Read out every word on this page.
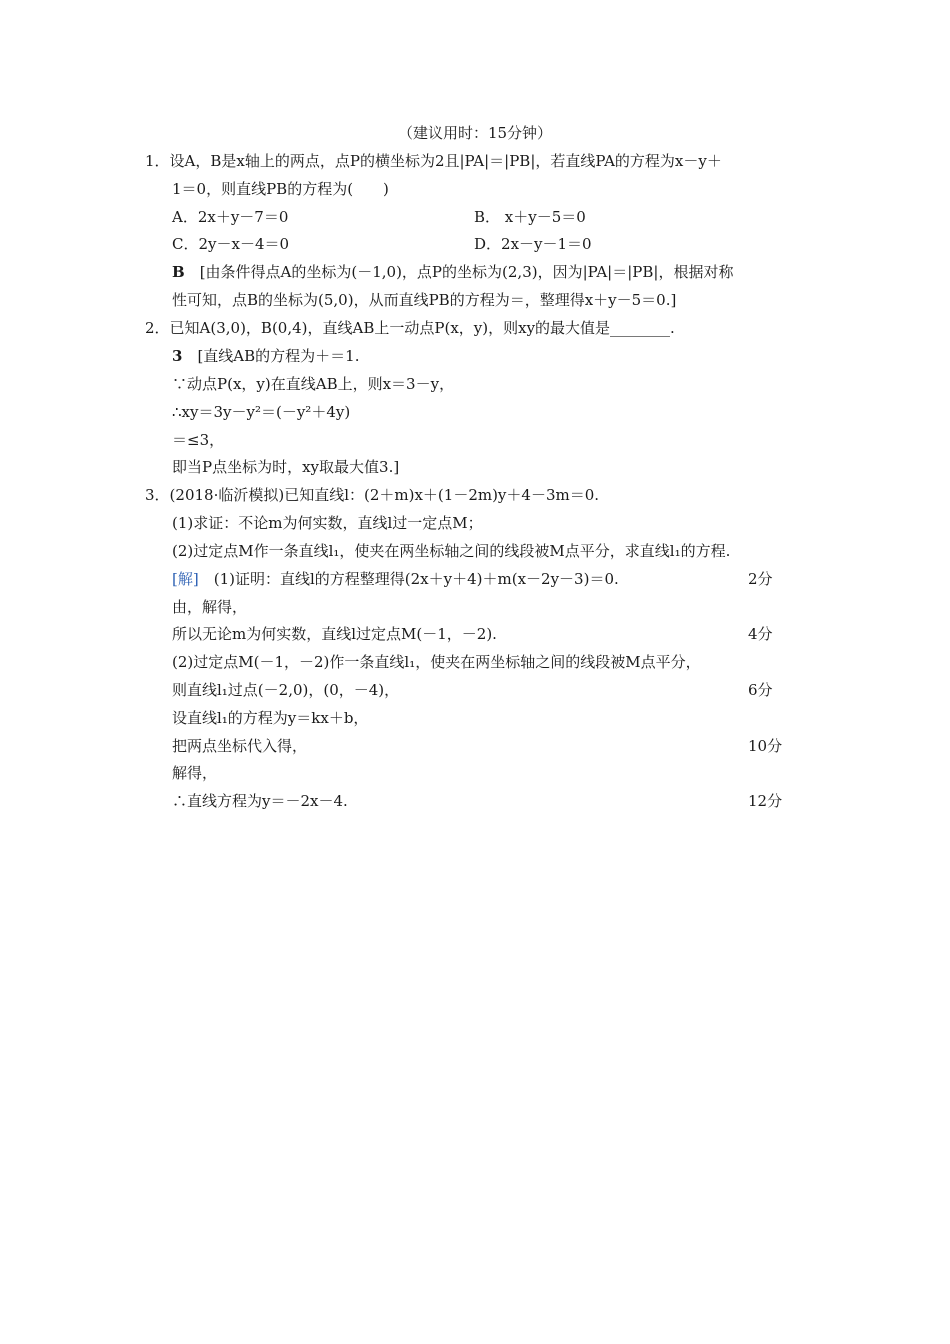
（建议用时：15分钟）
1．设A，B是x轴上的两点，点P的横坐标为2且|PA|＝|PB|，若直线PA的方程为x－y＋
1＝0，则直线PB的方程为(　　)
A．2x＋y－7＝0	B． x＋y－5＝0
C．2y－x－4＝0	D．2x－y－1＝0
B　[由条件得点A的坐标为(－1,0)，点P的坐标为(2,3)，因为|PA|＝|PB|，根据对称
性可知，点B的坐标为(5,0)，从而直线PB的方程为＝，整理得x＋y－5＝0.]
2．已知A(3,0)，B(0,4)，直线AB上一动点P(x，y)，则xy的最大值是________.
3　[直线AB的方程为＋＝1.
∵动点P(x，y)在直线AB上，则x＝3－y，
∴xy＝3y－y²＝(－y²＋4y)
＝≤3，
即当P点坐标为时，xy取最大值3.]
3．(2018·临沂模拟)已知直线l：(2＋m)x＋(1－2m)y＋4－3m＝0.
(1)求证：不论m为何实数，直线l过一定点M；
(2)过定点M作一条直线l₁，使夹在两坐标轴之间的线段被M点平分，求直线l₁的方程.
[解]　(1)证明：直线l的方程整理得(2x＋y＋4)＋m(x－2y－3)＝0.	2分
由，解得，
所以无论m为何实数，直线l过定点M(－1，－2).	4分
(2)过定点M(－1，－2)作一条直线l₁，使夹在两坐标轴之间的线段被M点平分，
则直线l₁过点(－2,0)，(0，－4)，	6分
设直线l₁的方程为y＝kx＋b，
把两点坐标代入得，	10分
解得，
∴直线方程为y＝－2x－4.	12分
